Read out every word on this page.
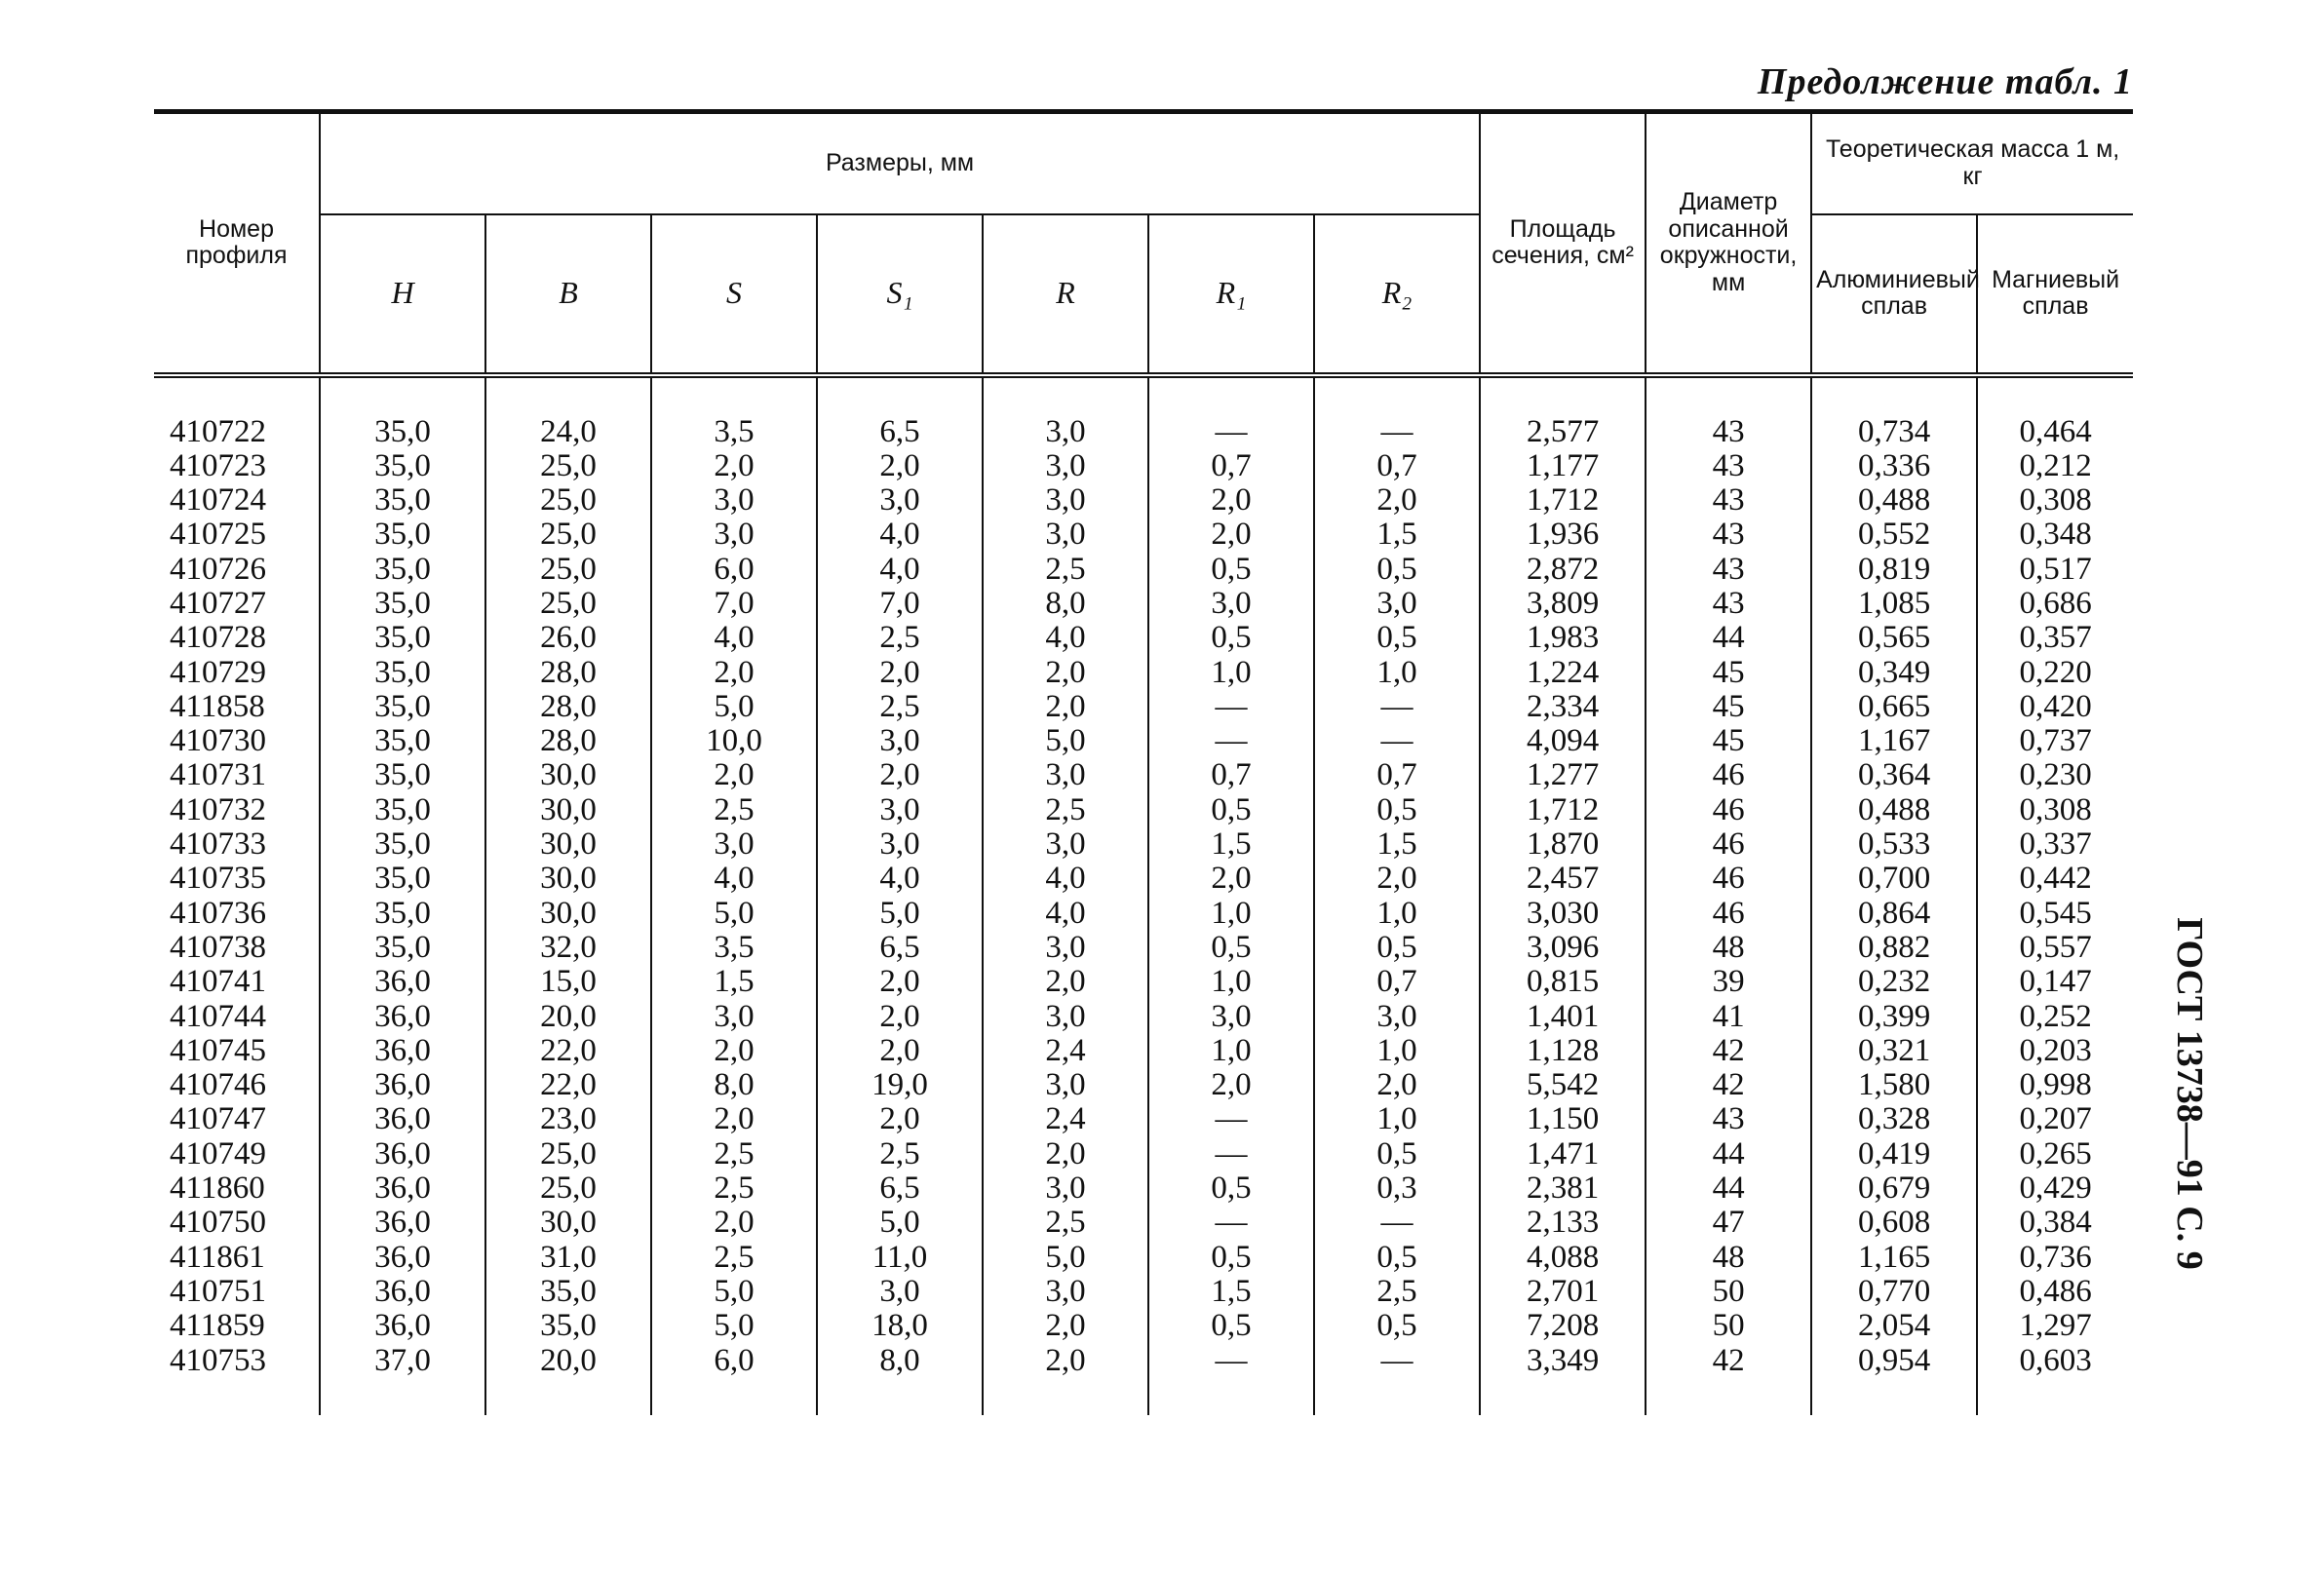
Предолжение табл. 1
ГОСТ 13738—91 С. 9
Номер профиля	Размеры, мм							Площадь сечения, см²	Диаметр описанной окружности, мм	Теоретическая масса 1 м, кг	
	H	B	S	S₁	R	R₁	R₂			Алюминиевый сплав	Магниевый сплав

410722	35,0	24,0	3,5	6,5	3,0	—	—	2,577	43	0,734	0,464
410723	35,0	25,0	2,0	2,0	3,0	0,7	0,7	1,177	43	0,336	0,212
410724	35,0	25,0	3,0	3,0	3,0	2,0	2,0	1,712	43	0,488	0,308
410725	35,0	25,0	3,0	4,0	3,0	2,0	1,5	1,936	43	0,552	0,348
410726	35,0	25,0	6,0	4,0	2,5	0,5	0,5	2,872	43	0,819	0,517
410727	35,0	25,0	7,0	7,0	8,0	3,0	3,0	3,809	43	1,085	0,686
410728	35,0	26,0	4,0	2,5	4,0	0,5	0,5	1,983	44	0,565	0,357
410729	35,0	28,0	2,0	2,0	2,0	1,0	1,0	1,224	45	0,349	0,220
411858	35,0	28,0	5,0	2,5	2,0	—	—	2,334	45	0,665	0,420
410730	35,0	28,0	10,0	3,0	5,0	—	—	4,094	45	1,167	0,737
410731	35,0	30,0	2,0	2,0	3,0	0,7	0,7	1,277	46	0,364	0,230
410732	35,0	30,0	2,5	3,0	2,5	0,5	0,5	1,712	46	0,488	0,308
410733	35,0	30,0	3,0	3,0	3,0	1,5	1,5	1,870	46	0,533	0,337
410735	35,0	30,0	4,0	4,0	4,0	2,0	2,0	2,457	46	0,700	0,442
410736	35,0	30,0	5,0	5,0	4,0	1,0	1,0	3,030	46	0,864	0,545
410738	35,0	32,0	3,5	6,5	3,0	0,5	0,5	3,096	48	0,882	0,557
410741	36,0	15,0	1,5	2,0	2,0	1,0	0,7	0,815	39	0,232	0,147
410744	36,0	20,0	3,0	2,0	3,0	3,0	3,0	1,401	41	0,399	0,252
410745	36,0	22,0	2,0	2,0	2,4	1,0	1,0	1,128	42	0,321	0,203
410746	36,0	22,0	8,0	19,0	3,0	2,0	2,0	5,542	42	1,580	0,998
410747	36,0	23,0	2,0	2,0	2,4	—	1,0	1,150	43	0,328	0,207
410749	36,0	25,0	2,5	2,5	2,0	—	0,5	1,471	44	0,419	0,265
411860	36,0	25,0	2,5	6,5	3,0	0,5	0,3	2,381	44	0,679	0,429
410750	36,0	30,0	2,0	5,0	2,5	—	—	2,133	47	0,608	0,384
411861	36,0	31,0	2,5	11,0	5,0	0,5	0,5	4,088	48	1,165	0,736
410751	36,0	35,0	5,0	3,0	3,0	1,5	2,5	2,701	50	0,770	0,486
411859	36,0	35,0	5,0	18,0	2,0	0,5	0,5	7,208	50	2,054	1,297
410753	37,0	20,0	6,0	8,0	2,0	—	—	3,349	42	0,954	0,603
